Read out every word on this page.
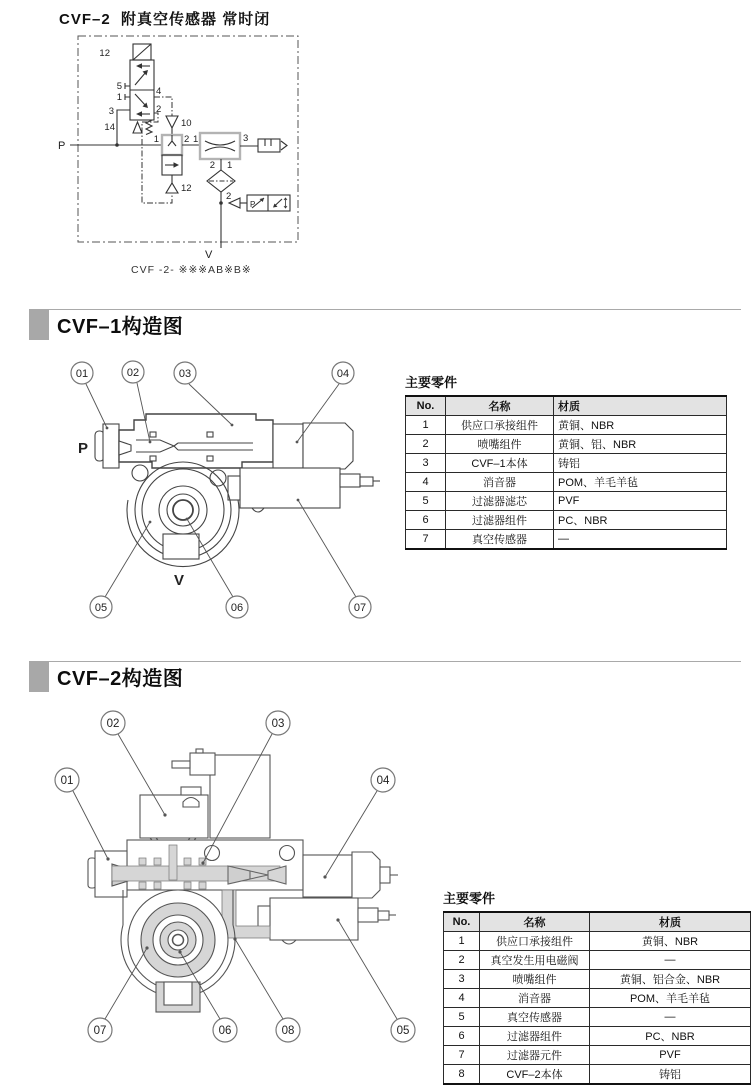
CVF–2  附真空传感器 常时闭
P
12
5
1
4
3	2
14	10
12
1	2 1	3
2 1
2
P
V
CVF -2- ※※※AB※B※
CVF–1构造图
01	02	03	04
05	06	07
P
V
主要零件
No.	名称	材质
1	供应口承接组件	黄铜、NBR
2	喷嘴组件	黄铜、铝、NBR
3	CVF–1本体	铸铝
4	消音器	POM、羊毛羊毡
5	过滤器滤芯	PVF
6	过滤器组件	PC、NBR
7	真空传感器	—
CVF–2构造图
01
02	03
04
05
06
07	08
主要零件
No.	名称	材质
1	供应口承接组件	黄铜、NBR
2	真空发生用电磁阀	—
3	喷嘴组件	黄铜、铝合金、NBR
4	消音器	POM、羊毛羊毡
5	真空传感器	—
6	过滤器组件	PC、NBR
7	过滤器元件	PVF
8	CVF–2本体	铸铝
